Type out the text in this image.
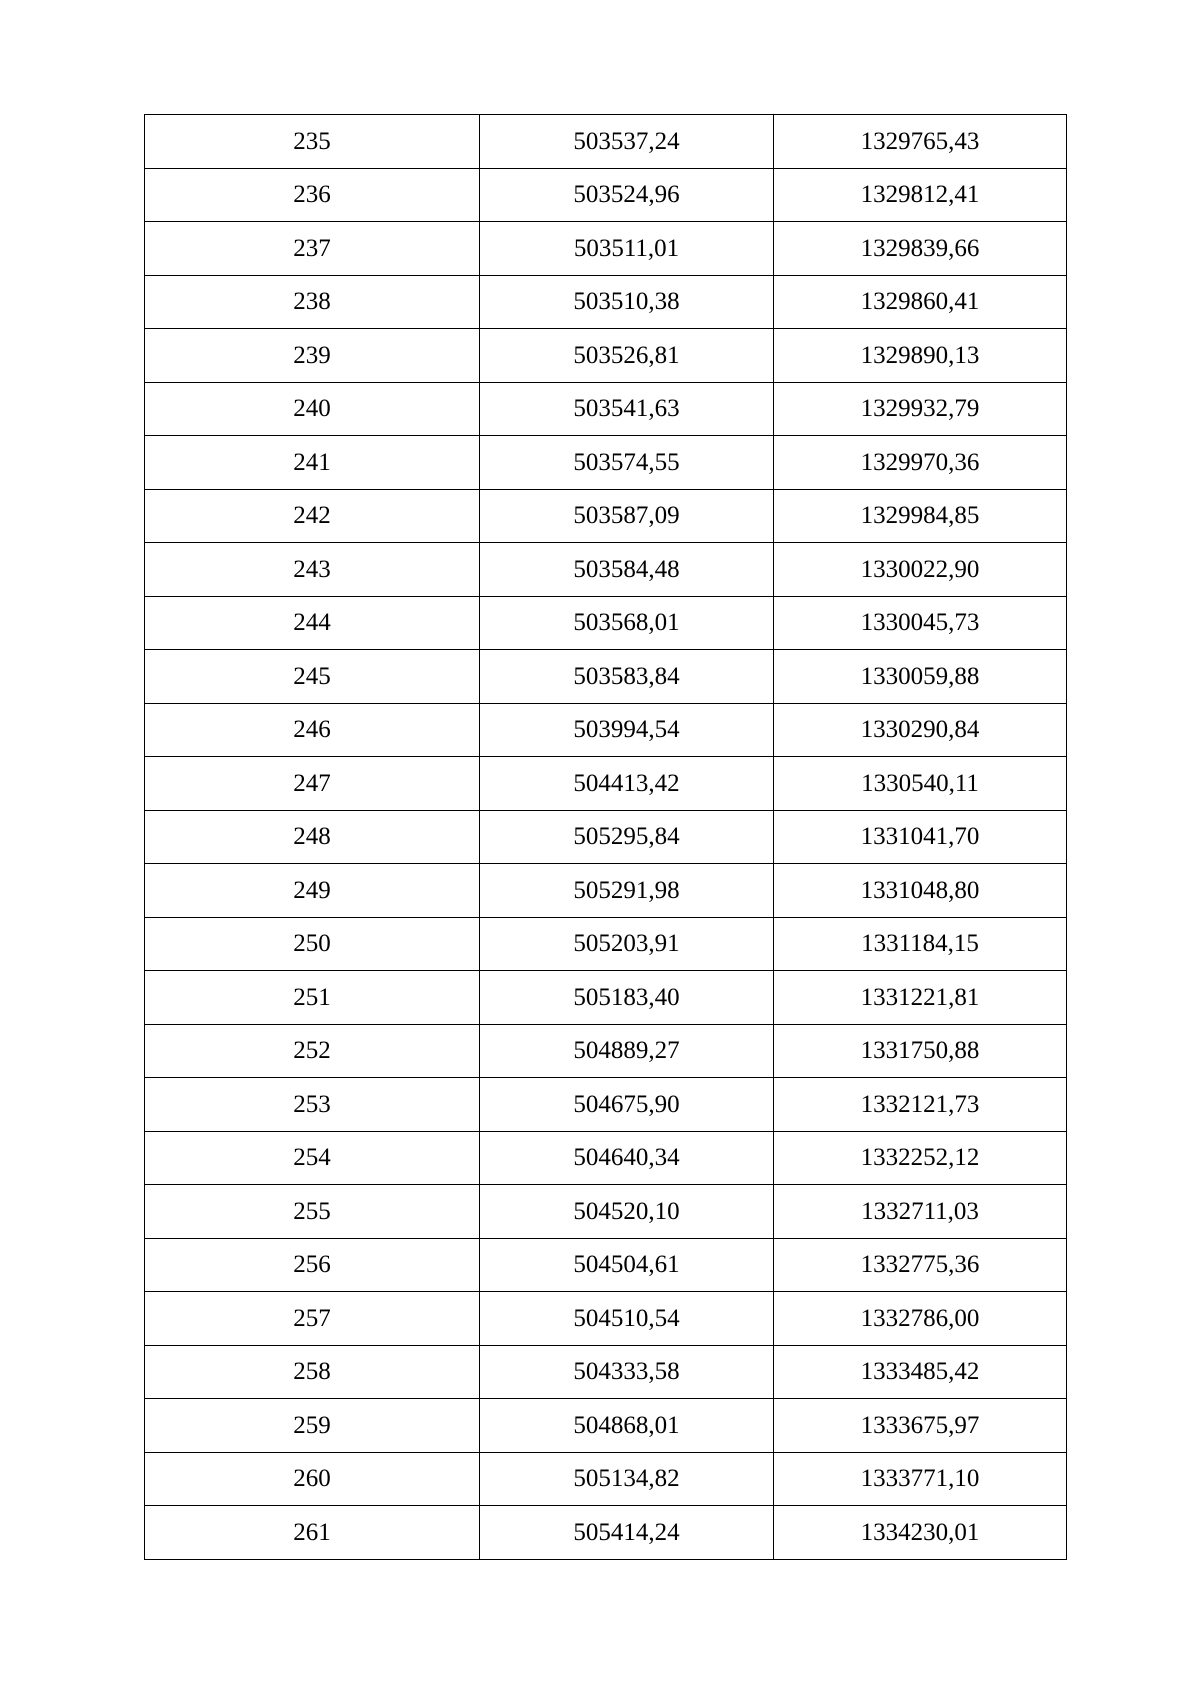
235	503537,24	1329765,43
236	503524,96	1329812,41
237	503511,01	1329839,66
238	503510,38	1329860,41
239	503526,81	1329890,13
240	503541,63	1329932,79
241	503574,55	1329970,36
242	503587,09	1329984,85
243	503584,48	1330022,90
244	503568,01	1330045,73
245	503583,84	1330059,88
246	503994,54	1330290,84
247	504413,42	1330540,11
248	505295,84	1331041,70
249	505291,98	1331048,80
250	505203,91	1331184,15
251	505183,40	1331221,81
252	504889,27	1331750,88
253	504675,90	1332121,73
254	504640,34	1332252,12
255	504520,10	1332711,03
256	504504,61	1332775,36
257	504510,54	1332786,00
258	504333,58	1333485,42
259	504868,01	1333675,97
260	505134,82	1333771,10
261	505414,24	1334230,01
